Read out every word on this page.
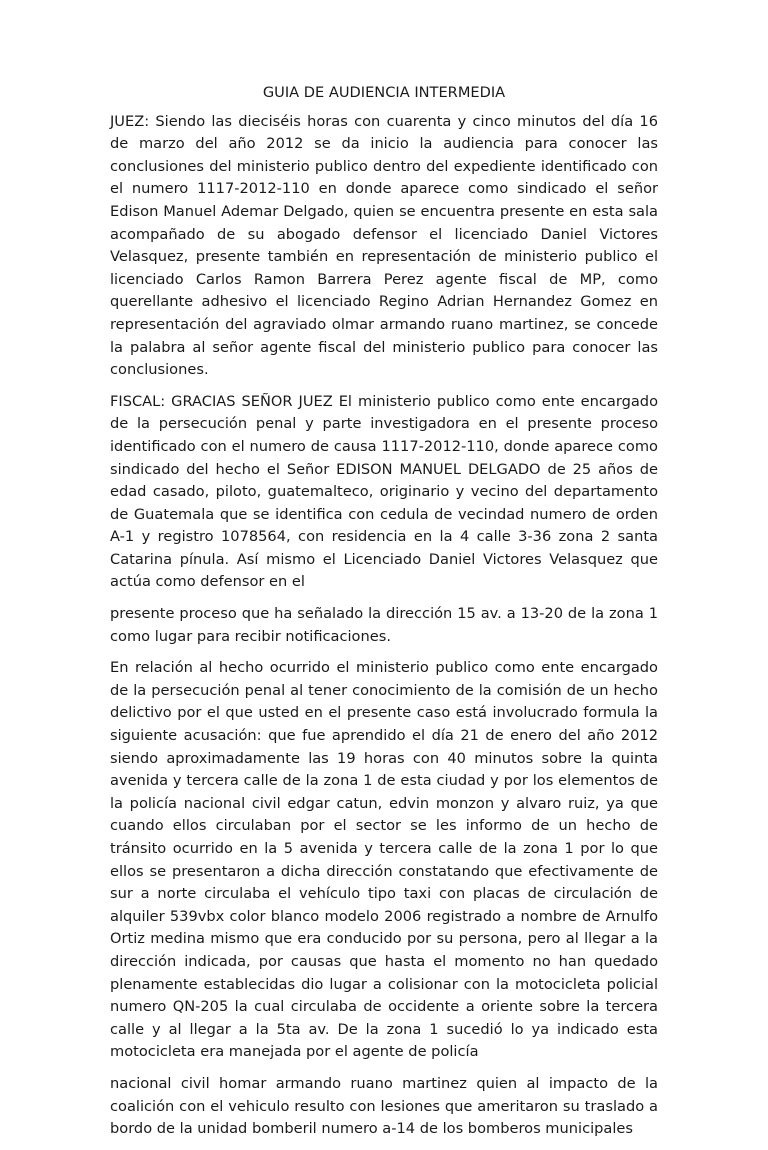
GUIA DE AUDIENCIA INTERMEDIA

JUEZ: Siendo las dieciséis horas con cuarenta y cinco minutos del día 16 de marzo del año 2012 se da inicio la audiencia para conocer las conclusiones del ministerio publico dentro del expediente identificado con el numero 1117-2012-110 en donde aparece como sindicado el señor Edison Manuel Ademar Delgado, quien se encuentra presente en esta sala acompañado de su abogado defensor el licenciado Daniel Victores Velasquez, presente también en representación de ministerio publico el licenciado Carlos Ramon Barrera Perez agente fiscal de MP, como querellante adhesivo el licenciado Regino Adrian Hernandez Gomez en representación del agraviado olmar armando ruano martinez, se concede la palabra al señor agente fiscal del ministerio publico para conocer las conclusiones.

FISCAL: GRACIAS SEÑOR JUEZ El ministerio publico como ente encargado de la persecución penal y parte investigadora en el presente proceso identificado con el numero de causa 1117-2012-110, donde aparece como sindicado del hecho el Señor EDISON MANUEL DELGADO de 25 años de edad casado, piloto, guatemalteco, originario y vecino del departamento de Guatemala que se identifica con cedula de vecindad numero de orden A-1 y registro 1078564, con residencia en la 4 calle 3-36 zona 2 santa Catarina pínula. Así mismo el Licenciado Daniel Victores Velasquez que actúa como defensor en el

presente proceso que ha señalado la dirección 15 av. a 13-20 de la zona 1 como lugar para recibir notificaciones.

En relación al hecho ocurrido el ministerio publico como ente encargado de la persecución penal al tener conocimiento de la comisión de un hecho delictivo por el que usted en el presente caso está involucrado formula la siguiente acusación: que fue aprendido el día 21 de enero del año 2012 siendo aproximadamente las 19 horas con 40 minutos sobre la quinta avenida y tercera calle de la zona 1 de esta ciudad y por los elementos de la policía nacional civil edgar catun, edvin monzon y alvaro ruiz, ya que cuando ellos circulaban por el sector se les informo de un hecho de tránsito ocurrido en la 5 avenida y tercera calle de la zona 1 por lo que ellos se presentaron a dicha dirección constatando que efectivamente de sur a norte circulaba el vehículo tipo taxi con placas de circulación de alquiler 539vbx color blanco modelo 2006 registrado a nombre de Arnulfo Ortiz medina mismo que era conducido por su persona, pero al llegar a la dirección indicada, por causas que hasta el momento no han quedado plenamente establecidas dio lugar a colisionar con la motocicleta policial numero QN-205 la cual circulaba de occidente a oriente sobre la tercera calle y al llegar a la 5ta av. De la zona 1 sucedió lo ya indicado esta motocicleta era manejada por el agente de policía

nacional civil homar armando ruano martinez quien al impacto de la coalición con el vehiculo resulto con lesiones que ameritaron su traslado a bordo de la unidad bomberil numero a-14 de los bomberos municipales
